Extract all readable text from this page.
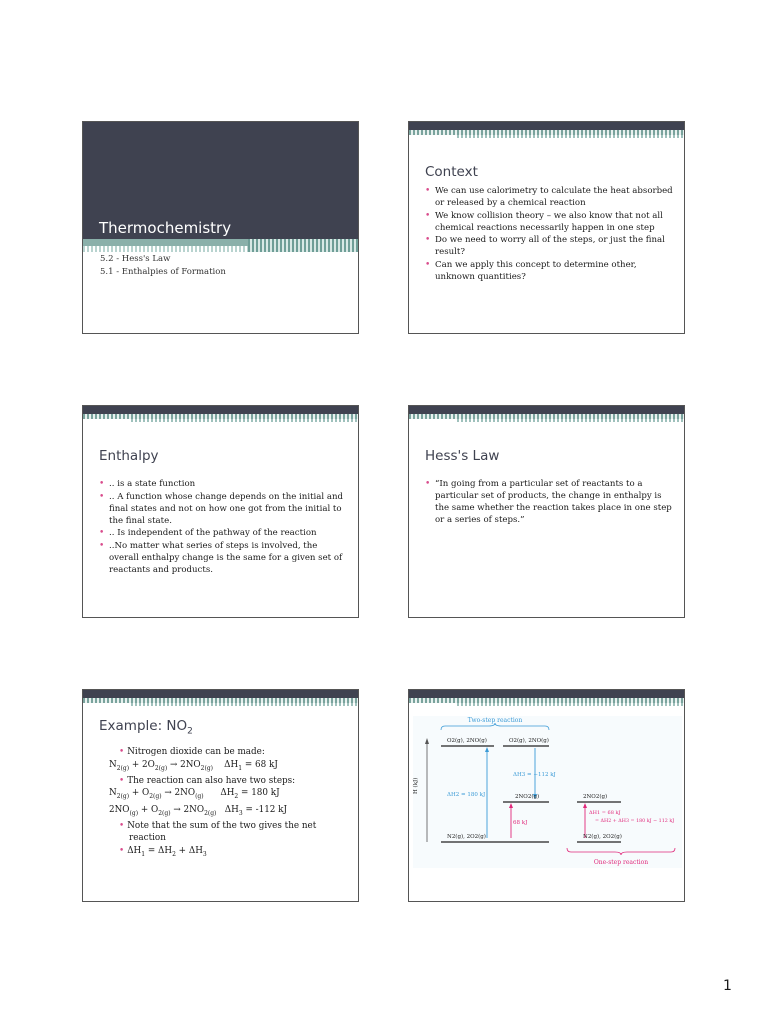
Thermochemistry
5.2 - Hess's Law
5.1 - Enthalpies of Formation
Context
• We can use calorimetry to calculate the heat absorbed or released by a chemical reaction
• We know collision theory – we also know that not all chemical reactions necessarily happen in one step
• Do we need to worry all of the steps, or just the final result?
• Can we apply this concept to determine other, unknown quantities?
Enthalpy
• .. is a state function
• .. A function whose change depends on the initial and final states and not on how one got from the initial to the final state.
• .. Is independent of the pathway of the reaction
• ..No matter what series of steps is involved, the overall enthalpy change is the same for a given set of reactants and products.
Hess's Law
• “In going from a particular set of reactants to a particular set of products, the change in enthalpy is the same whether the reaction takes place in one step or a series of steps.”
Example: $NO_2$
• Nitrogen dioxide can be made:
$N_{2(g)} + 2O_{2(g)} \to 2NO_{2(g)}$    $\Delta H_1 = 68$ kJ
• The reaction can also have two steps:
$N_{2(g)} + O_{2(g)} \to 2NO_{(g)}$      $\Delta H_2 = 180$ kJ
$2NO_{(g)} + O_{2(g)} \to 2NO_{2(g)}$   $\Delta H_3 = -112$ kJ
• Note that the sum of the two gives the net reaction
• $\Delta H_1 = \Delta H_2 + \Delta H_3$
Two-step reaction
H (kJ)
O2(g), 2NO(g)	O2(g), 2NO(g)
ΔH2 = 180 kJ
ΔH3 = −112 kJ
2NO2(g)
68 kJ
N2(g), 2O2(g)
2NO2(g)
ΔH1 = 68 kJ
= ΔH2 + ΔH3 = 180 kJ − 112 kJ
N2(g), 2O2(g)
One-step reaction
1
